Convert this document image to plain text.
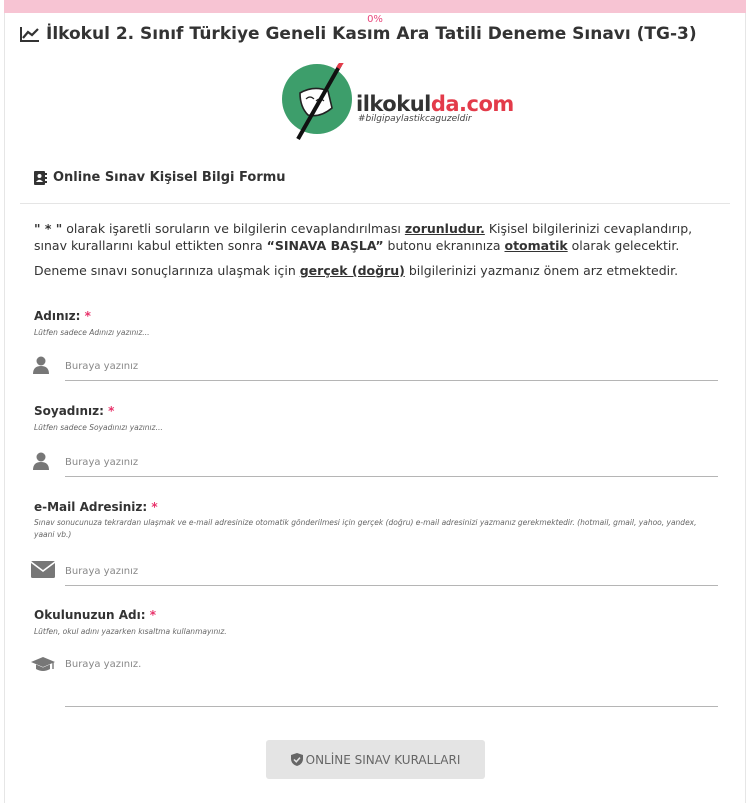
0%
İlkokul 2. Sınıf Türkiye Geneli Kasım Ara Tatili Deneme Sınavı (TG-3)
ilkokulda.com
#bilgipaylastikcaguzeldir
Online Sınav Kişisel Bilgi Formu
" * " olarak işaretli soruların ve bilgilerin cevaplandırılması zorunludur. Kişisel bilgilerinizi cevaplandırıp, sınav kurallarını kabul ettikten sonra “SINAVA BAŞLA” butonu ekranınıza otomatik olarak gelecektir.
Deneme sınavı sonuçlarınıza ulaşmak için gerçek (doğru) bilgilerinizi yazmanız önem arz etmektedir.
Adınız: *
Lütfen sadece Adınızı yazınız...
Buraya yazınız
Soyadınız: *
Lütfen sadece Soyadınızı yazınız...
Buraya yazınız
e-Mail Adresiniz: *
Sınav sonucunuza tekrardan ulaşmak ve e-mail adresinize otomatik gönderilmesi için gerçek (doğru) e-mail adresinizi yazmanız gerekmektedir. (hotmail, gmail, yahoo, yandex, yaani vb.)
Buraya yazınız
Okulunuzun Adı: *
Lütfen, okul adını yazarken kısaltma kullanmayınız.
Buraya yazınız.
ONLİNE SINAV KURALLARI
